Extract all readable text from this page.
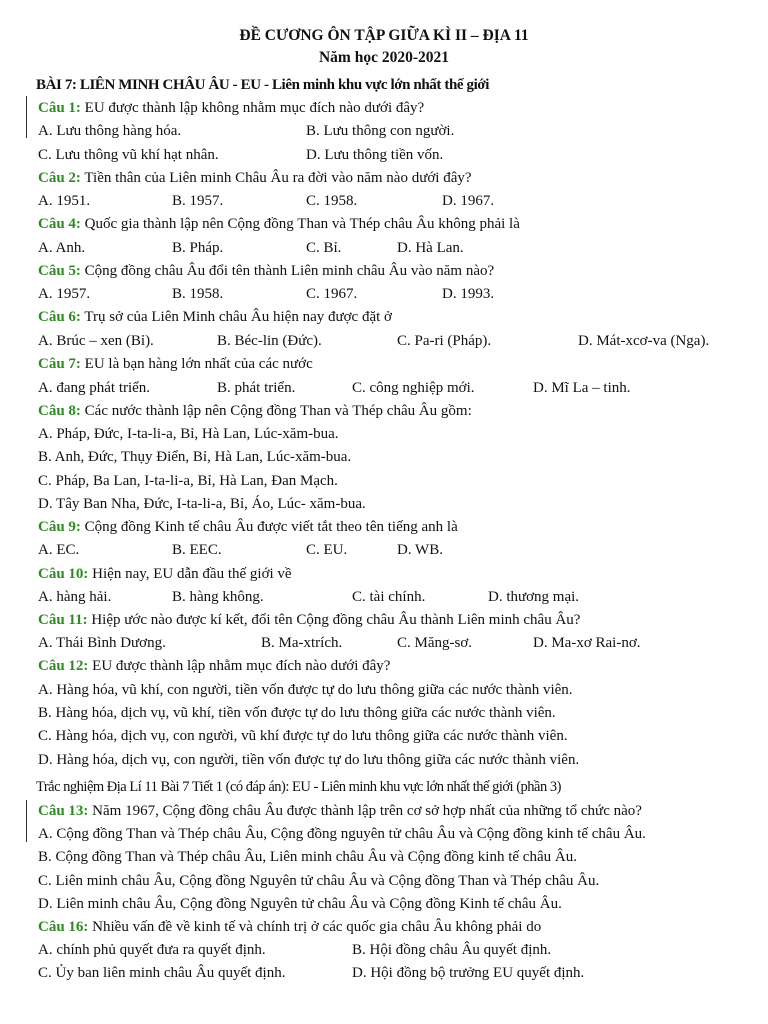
ĐỀ CƯƠNG ÔN TẬP GIỮA KÌ II – ĐỊA 11
Năm học 2020-2021
BÀI 7: LIÊN MINH CHÂU ÂU - EU - Liên minh khu vực lớn nhất thế giới
Câu 1: EU được thành lập không nhằm mục đích nào dưới đây?
A. Lưu thông hàng hóa.	B. Lưu thông con người.
C. Lưu thông vũ khí hạt nhân.	D. Lưu thông tiền vốn.
Câu 2: Tiền thân của Liên minh Châu Âu ra đời vào năm nào dưới đây?
A. 1951.	B. 1957.	C. 1958.	D. 1967.
Câu 4: Quốc gia thành lập nên Cộng đồng Than và Thép châu Âu không phải là
A. Anh.	B. Pháp.	C. Bỉ.	D. Hà Lan.
Câu 5: Cộng đồng châu Âu đổi tên thành Liên minh châu Âu vào năm nào?
A. 1957.	B. 1958.	C. 1967.	D. 1993.
Câu 6: Trụ sở của Liên Minh châu Âu hiện nay được đặt ở
A. Brúc – xen (Bỉ).	B. Béc-lin (Đức).	C. Pa-ri (Pháp).	D. Mát-xcơ-va (Nga).
Câu 7: EU là bạn hàng lớn nhất của các nước
A. đang phát triển.	B. phát triển.	C. công nghiệp mới.	D. Mĩ La – tinh.
Câu 8: Các nước thành lập nên Cộng đồng Than và Thép châu Âu gồm:
A. Pháp, Đức, I-ta-li-a, Bỉ, Hà Lan, Lúc-xăm-bua.
B. Anh, Đức, Thụy Điển, Bỉ, Hà Lan, Lúc-xăm-bua.
C. Pháp, Ba Lan, I-ta-li-a, Bỉ, Hà Lan, Đan Mạch.
D. Tây Ban Nha, Đức, I-ta-li-a, Bỉ, Áo, Lúc- xăm-bua.
Câu 9: Cộng đồng Kinh tế châu Âu được viết tắt theo tên tiếng anh là
A. EC.	B. EEC.	C. EU.	D. WB.
Câu 10: Hiện nay, EU dẫn đầu thế giới về
A. hàng hải.	B. hàng không.	C. tài chính.	D. thương mại.
Câu 11: Hiệp ước nào được kí kết, đổi tên Cộng đồng châu Âu thành Liên minh châu Âu?
A. Thái Bình Dương.	B. Ma-xtrích.	C. Măng-sơ.	D. Ma-xơ Rai-nơ.
Câu 12: EU được thành lập nhằm mục đích nào dưới đây?
A. Hàng hóa, vũ khí, con người, tiền vốn được tự do lưu thông giữa các nước thành viên.
B. Hàng hóa, dịch vụ, vũ khí, tiền vốn được tự do lưu thông giữa các nước thành viên.
C. Hàng hóa, dịch vụ, con người, vũ khí được tự do lưu thông giữa các nước thành viên.
D. Hàng hóa, dịch vụ, con người, tiền vốn được tự do lưu thông giữa các nước thành viên.
Trắc nghiệm Địa Lí 11 Bài 7 Tiết 1 (có đáp án): EU - Liên minh khu vực lớn nhất thế giới (phần 3)
Câu 13: Năm 1967, Cộng đồng châu Âu được thành lập trên cơ sở hợp nhất của những tổ chức nào?
A. Cộng đồng Than và Thép châu Âu, Cộng đồng nguyên tử châu Âu và Cộng đồng kinh tế châu Âu.
B. Cộng đồng Than và Thép châu Âu, Liên minh châu Âu và Cộng đồng kinh tế châu Âu.
C. Liên minh châu Âu, Cộng đồng Nguyên tử châu Âu và Cộng đồng Than và Thép châu Âu.
D. Liên minh châu Âu, Cộng đồng Nguyên tử châu Âu và Cộng đồng Kinh tế châu Âu.
Câu 16: Nhiều vấn đề về kinh tế và chính trị ở các quốc gia châu Âu không phải do
A. chính phủ quyết đưa ra quyết định.	B. Hội đồng châu Âu quyết định.
C. Ủy ban liên minh châu Âu quyết định.	D. Hội đồng bộ trưởng EU quyết định.
